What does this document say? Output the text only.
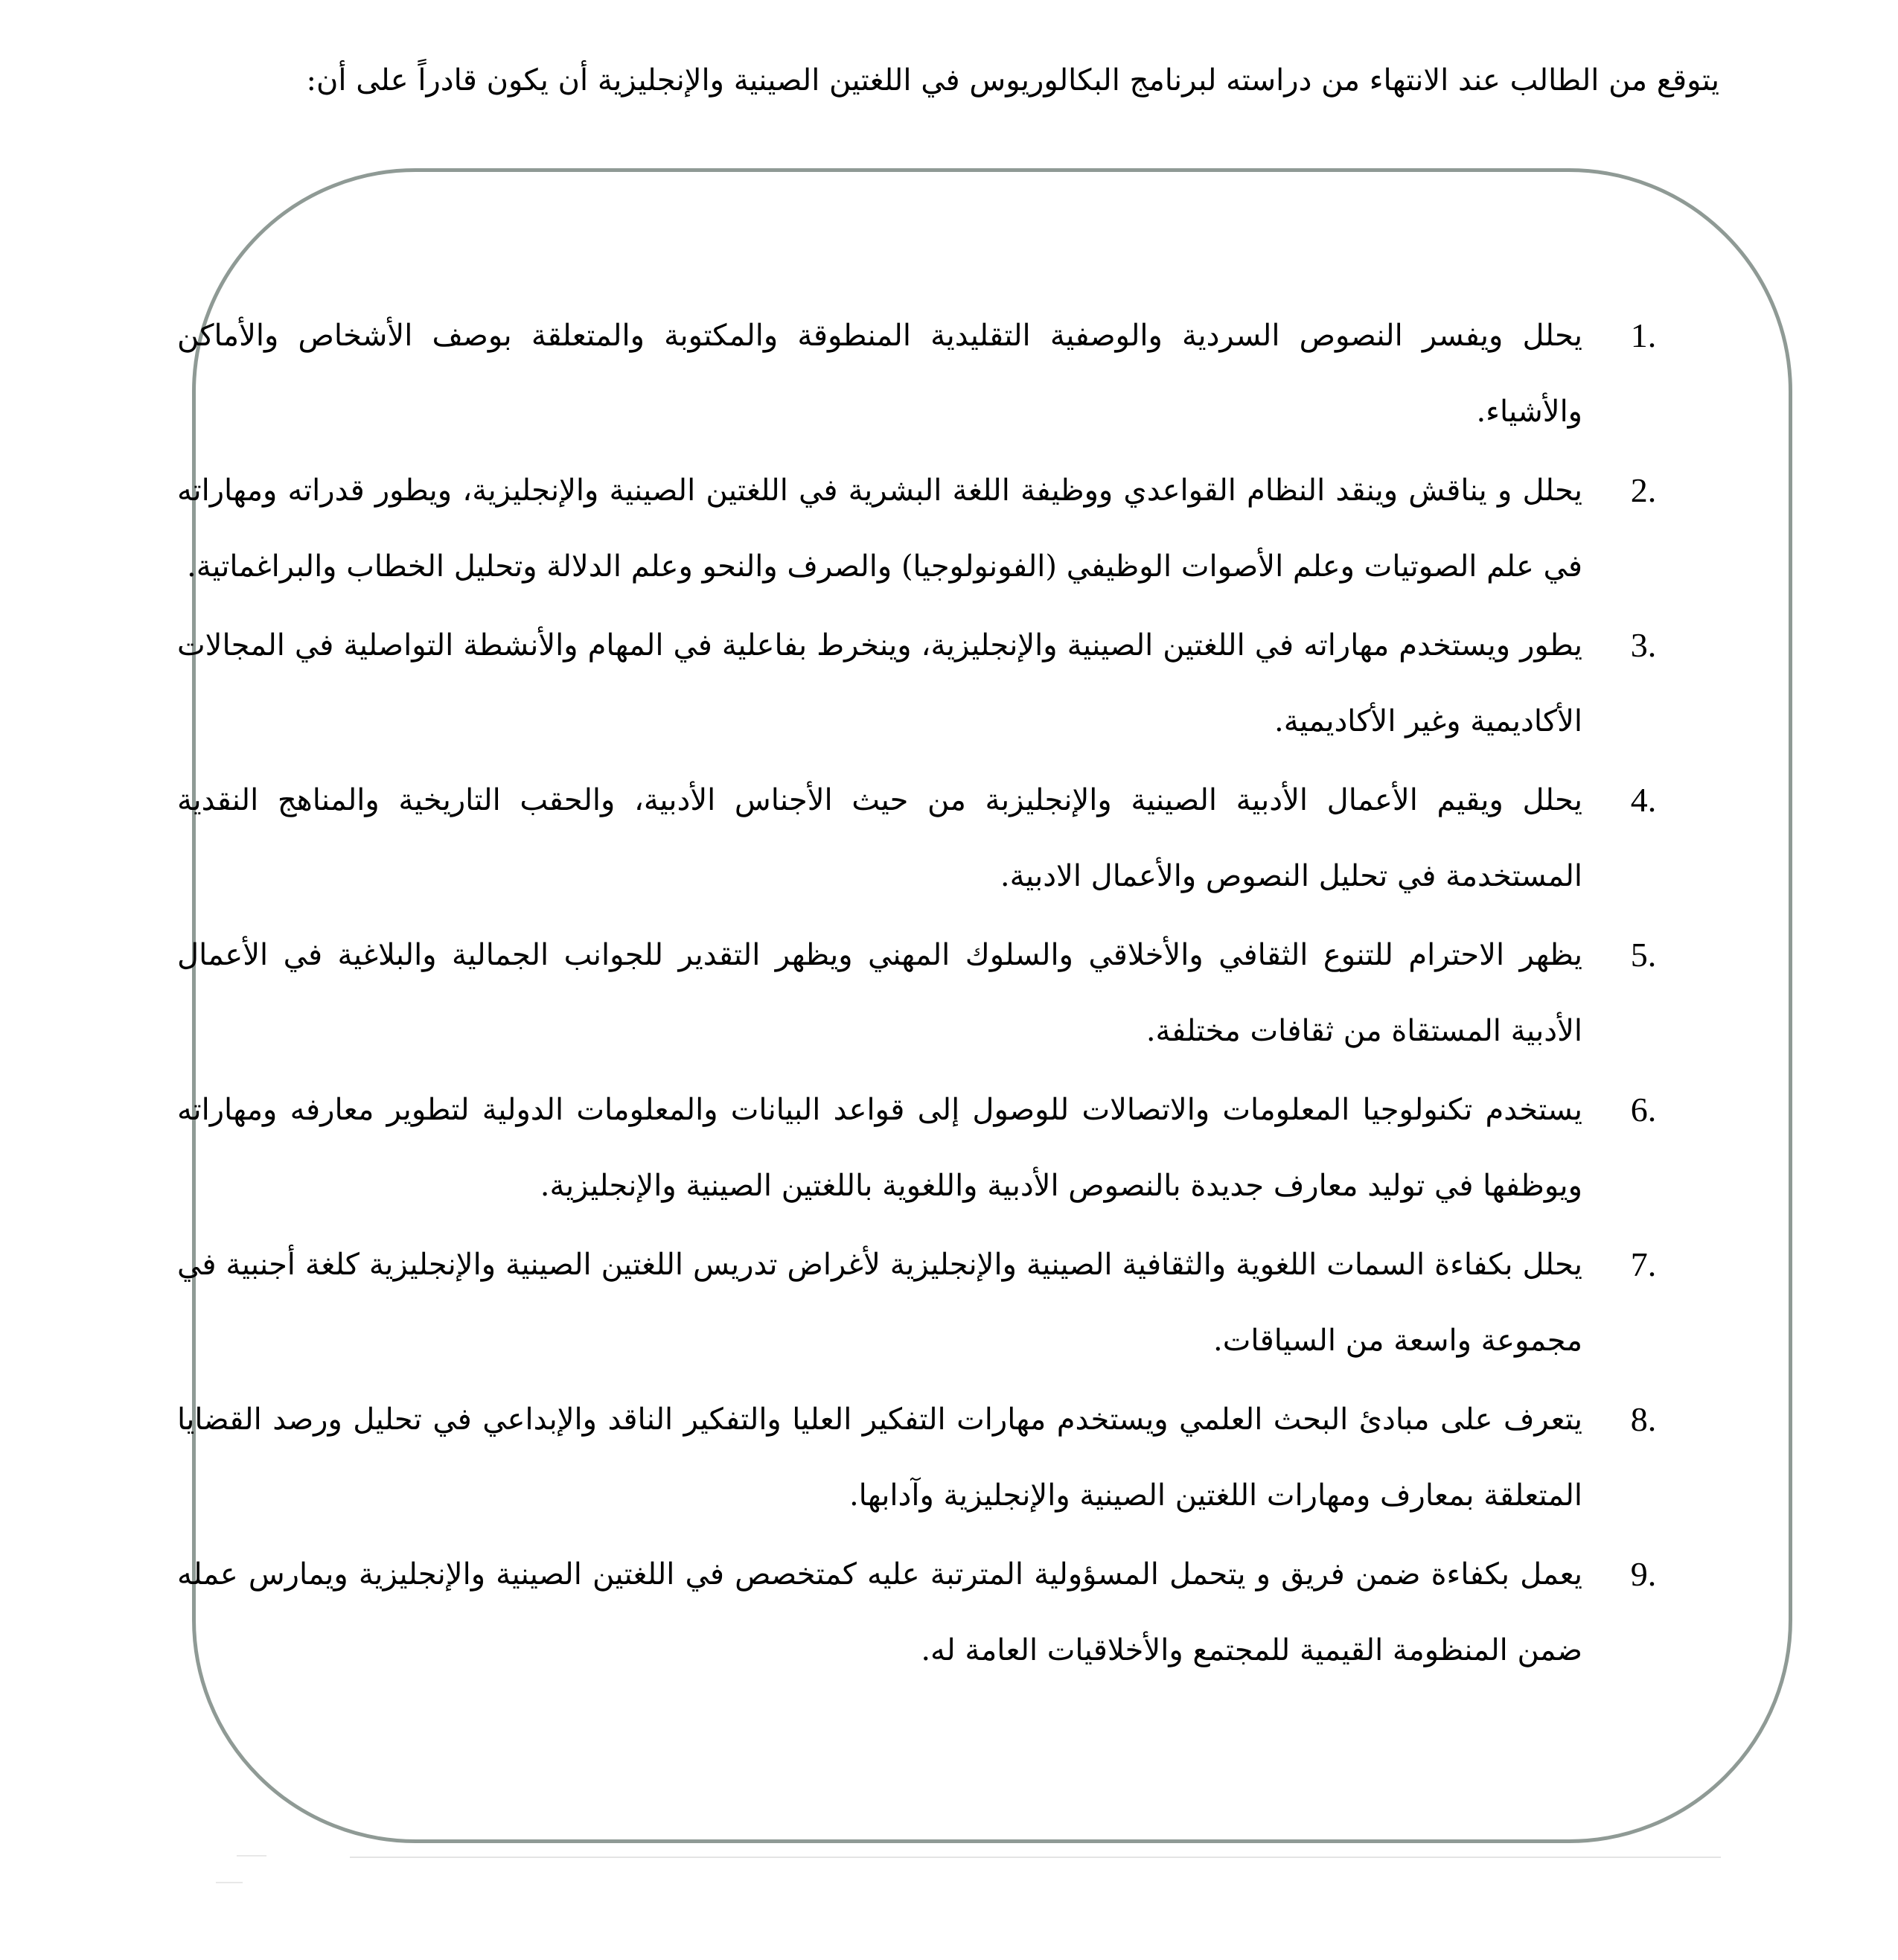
يتوقع من الطالب عند الانتهاء من دراسته لبرنامج البكالوريوس في اللغتين الصينية والإنجليزية أن يكون قادراً على أن:
1.
يحلل ويفسر النصوص السردية والوصفية التقليدية المنطوقة والمكتوبة والمتعلقة بوصف الأشخاص والأماكن والأشياء.
2.
يحلل و يناقش وينقد النظام القواعدي ووظيفة اللغة البشرية في اللغتين الصينية والإنجليزية، ويطور قدراته ومهاراته في علم الصوتيات وعلم الأصوات الوظيفي (الفونولوجيا) والصرف والنحو وعلم الدلالة وتحليل الخطاب والبراغماتية.
3.
يطور ويستخدم مهاراته في اللغتين الصينية والإنجليزية، وينخرط بفاعلية في المهام والأنشطة التواصلية في المجالات الأكاديمية وغير الأكاديمية.
4.
يحلل ويقيم الأعمال الأدبية الصينية والإنجليزبة من حيث الأجناس الأدبية، والحقب التاريخية والمناهج النقدية المستخدمة في تحليل النصوص والأعمال الادبية.
5.
يظهر الاحترام للتنوع الثقافي والأخلاقي والسلوك المهني ويظهر التقدير للجوانب الجمالية والبلاغية في الأعمال الأدبية المستقاة من ثقافات مختلفة.
6.
يستخدم تكنولوجيا المعلومات والاتصالات للوصول إلى قواعد البيانات والمعلومات الدولية لتطوير معارفه ومهاراته ويوظفها في توليد معارف جديدة بالنصوص الأدبية واللغوية باللغتين الصينية والإنجليزية.
7.
يحلل بكفاءة السمات اللغوية والثقافية الصينية والإنجليزية لأغراض تدريس اللغتين الصينية والإنجليزية كلغة أجنبية في مجموعة واسعة من السياقات.
8.
يتعرف على مبادئ البحث العلمي ويستخدم مهارات التفكير العليا والتفكير الناقد والإبداعي في تحليل ورصد القضايا المتعلقة بمعارف ومهارات اللغتين الصينية والإنجليزية وآدابها.
9.
يعمل بكفاءة ضمن فريق و يتحمل المسؤولية المترتبة عليه كمتخصص في اللغتين الصينية والإنجليزية ويمارس عمله ضمن المنظومة القيمية للمجتمع والأخلاقيات العامة له.
